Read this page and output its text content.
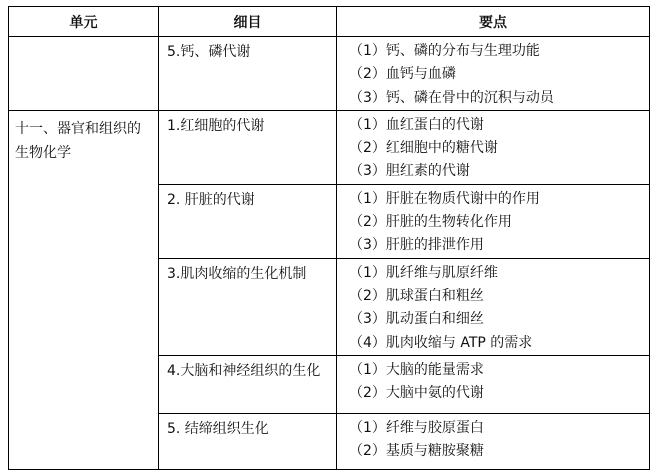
单元	细目	要点
	5.钙、磷代谢	（1）钙、磷的分布与生理功能
（2）血钙与血磷
（3）钙、磷在骨中的沉积与动员

十一、器官和组织的生物化学	1.红细胞的代谢	（1）血红蛋白的代谢
（2）红细胞中的糖代谢
（3）胆红素的代谢

	2. 肝脏的代谢	（1）肝脏在物质代谢中的作用
（2）肝脏的生物转化作用
（3）肝脏的排泄作用

	3.肌肉收缩的生化机制	（1）肌纤维与肌原纤维
（2）肌球蛋白和粗丝
（3）肌动蛋白和细丝
（4）肌肉收缩与 ATP 的需求

	4.大脑和神经组织的生化	（1）大脑的能量需求
（2）大脑中氨的代谢

	5. 结缔组织生化	（1）纤维与胶原蛋白
（2）基质与糖胺聚糖
